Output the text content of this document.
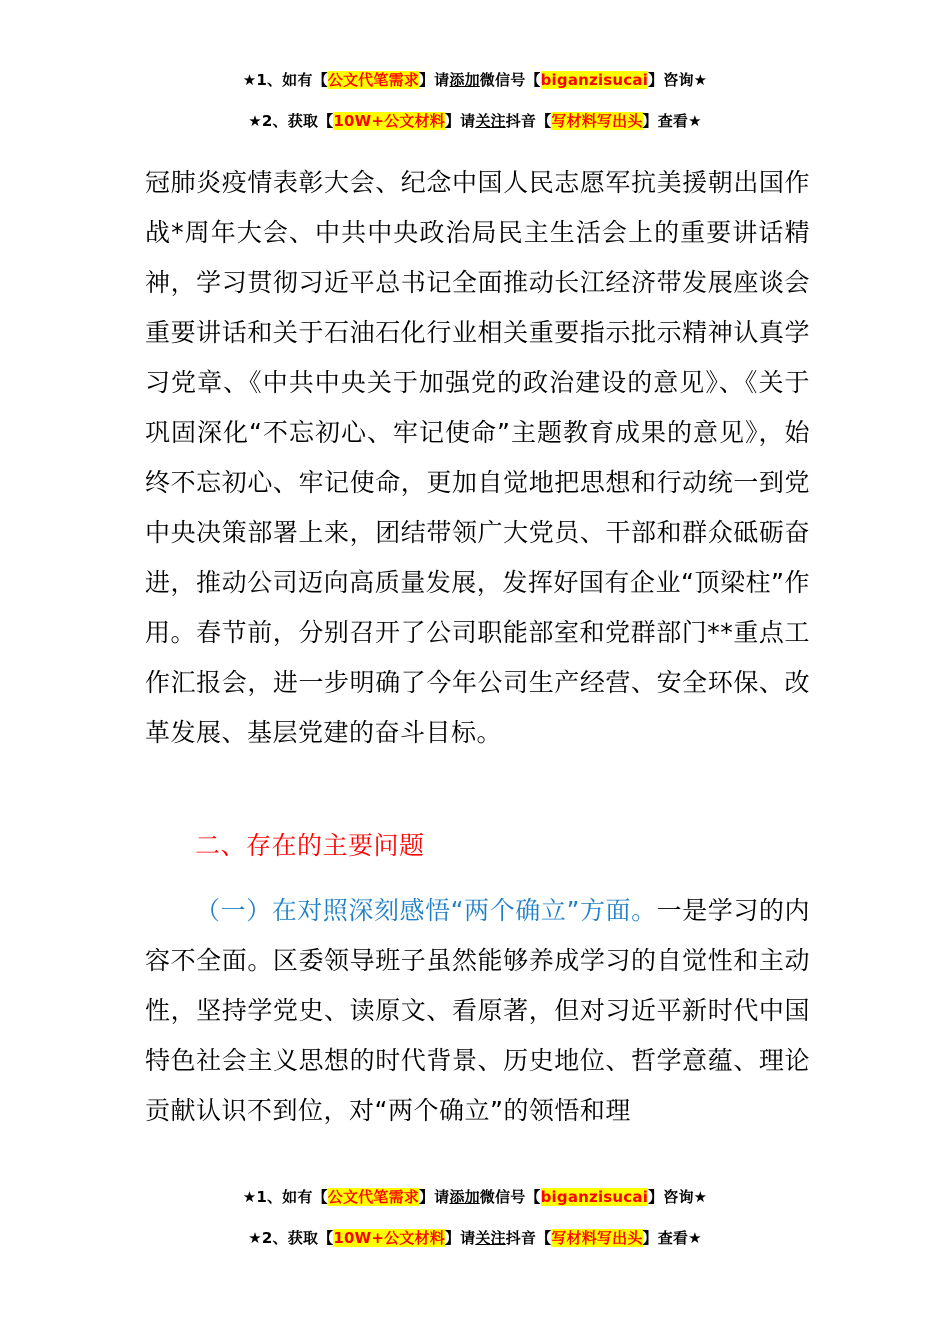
★1、如有【公文代笔需求】请添加微信号【biganzisucai】咨询★
★2、获取【10W+公文材料】请关注抖音【写材料写出头】查看★
冠肺炎疫情表彰大会、纪念中国人民志愿军抗美援朝出国作战*周年大会、中共中央政治局民主生活会上的重要讲话精神，学习贯彻习近平总书记全面推动长江经济带发展座谈会重要讲话和关于石油石化行业相关重要指示批示精神认真学习党章、《中共中央关于加强党的政治建设的意见》、《关于巩固深化“不忘初心、牢记使命”主题教育成果的意见》，始终不忘初心、牢记使命，更加自觉地把思想和行动统一到党中央决策部署上来，团结带领广大党员、干部和群众砥砺奋进，推动公司迈向高质量发展，发挥好国有企业“顶梁柱”作用。春节前，分别召开了公司职能部室和党群部门**重点工作汇报会，进一步明确了今年公司生产经营、安全环保、改革发展、基层党建的奋斗目标。
二、存在的主要问题
（一）在对照深刻感悟“两个确立”方面。一是学习的内容不全面。区委领导班子虽然能够养成学习的自觉性和主动性，坚持学党史、读原文、看原著，但对习近平新时代中国特色社会主义思想的时代背景、历史地位、哲学意蕴、理论贡献认识不到位，对“两个确立”的领悟和理
★1、如有【公文代笔需求】请添加微信号【biganzisucai】咨询★
★2、获取【10W+公文材料】请关注抖音【写材料写出头】查看★
